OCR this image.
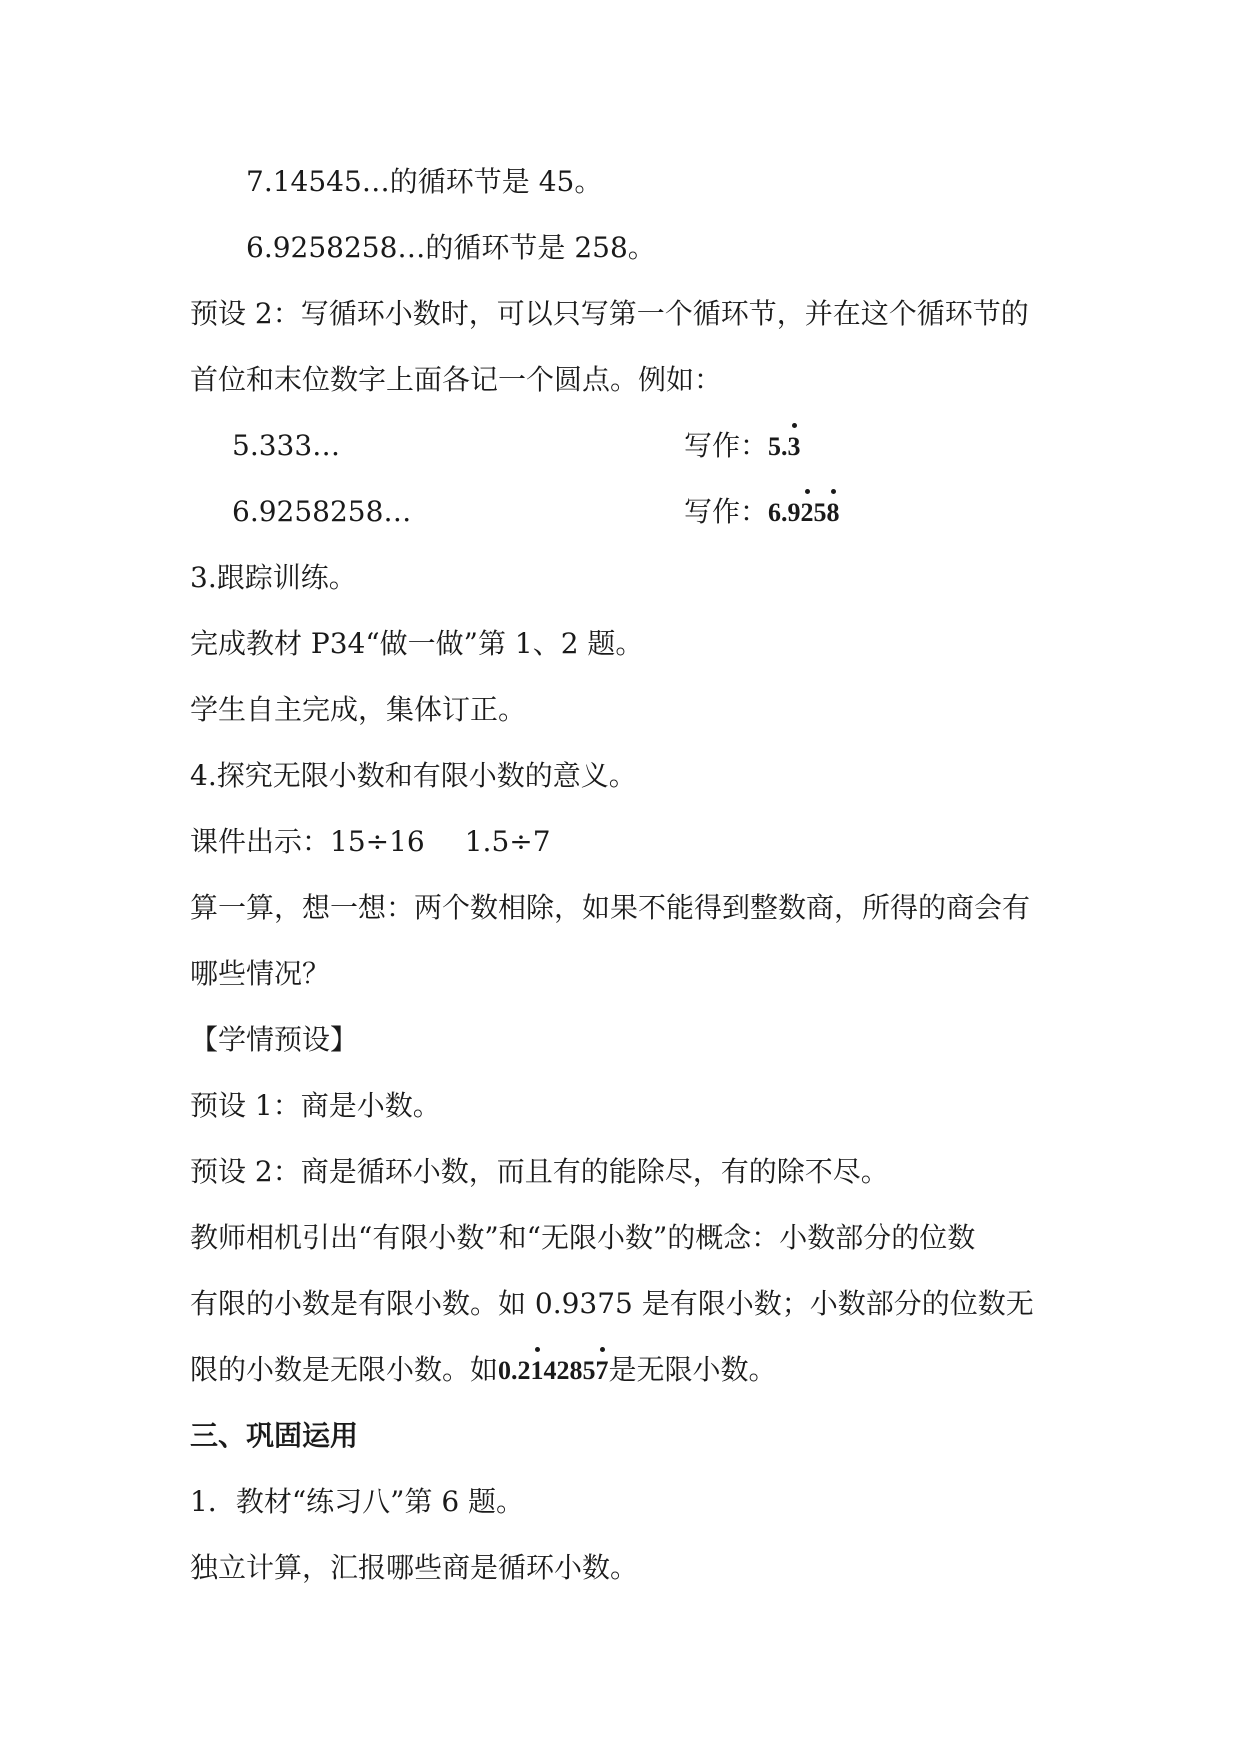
7.14545…的循环节是 45。
6.9258258…的循环节是 258。
预设 2：写循环小数时，可以只写第一个循环节，并在这个循环节的
首位和末位数字上面各记一个圆点。例如：
5.333…	写作：5.3
6.9258258…	写作：6.9258
3.跟踪训练。
完成教材 P34“做一做”第 1、2 题。
学生自主完成，集体订正。
4.探究无限小数和有限小数的意义。
课件出示：15÷16 1.5÷7
算一算，想一想：两个数相除，如果不能得到整数商，所得的商会有
哪些情况？
【学情预设】
预设 1：商是小数。
预设 2：商是循环小数，而且有的能除尽，有的除不尽。
教师相机引出“有限小数”和“无限小数”的概念：小数部分的位数
有限的小数是有限小数。如 0.9375 是有限小数；小数部分的位数无
限的小数是无限小数。如0.2142857是无限小数。
三、巩固运用
1．教材“练习八”第 6 题。
独立计算，汇报哪些商是循环小数。
